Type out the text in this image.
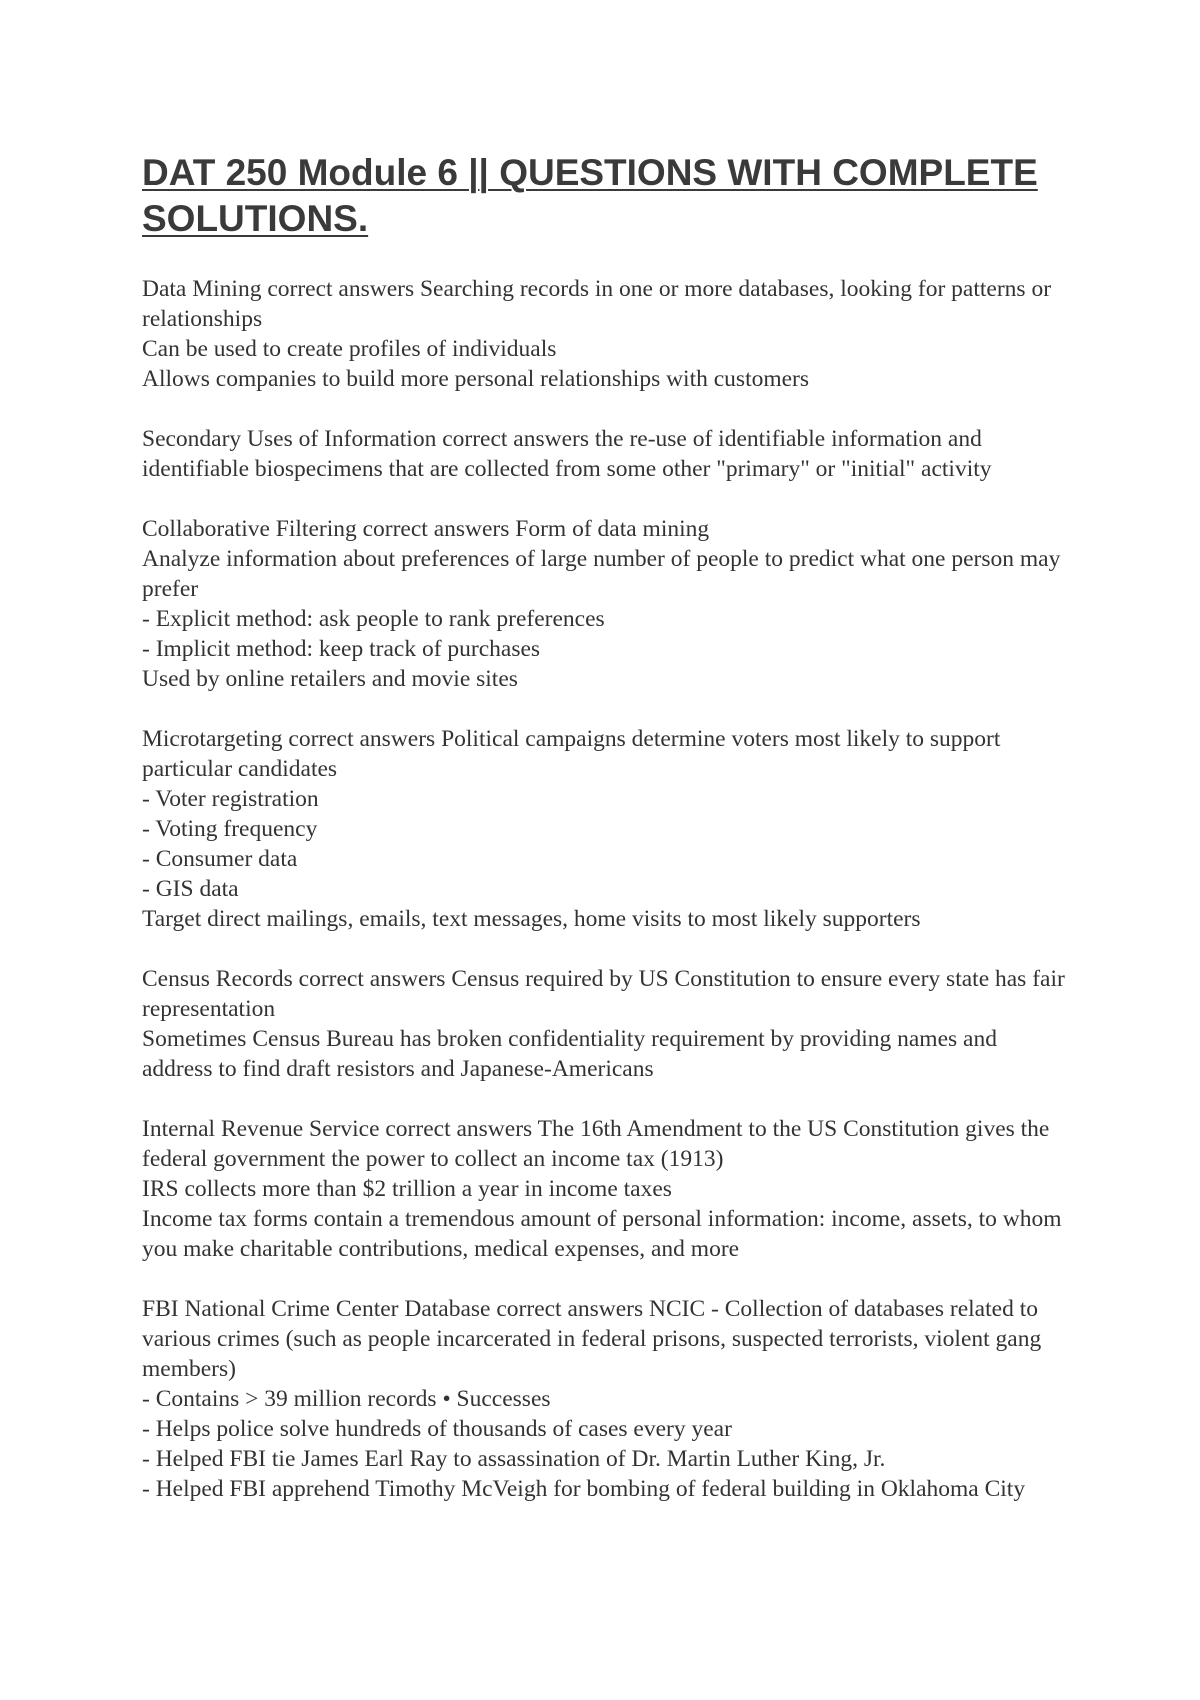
DAT 250 Module 6 || QUESTIONS WITH COMPLETE SOLUTIONS.

Data Mining correct answers Searching records in one or more databases, looking for patterns or relationships

Can be used to create profiles of individuals

Allows companies to build more personal relationships with customers

Secondary Uses of Information correct answers the re-use of identifiable information and identifiable biospecimens that are collected from some other "primary" or "initial" activity

Collaborative Filtering correct answers Form of data mining

Analyze information about preferences of large number of people to predict what one person may prefer

- Explicit method: ask people to rank preferences

- Implicit method: keep track of purchases

Used by online retailers and movie sites

Microtargeting correct answers Political campaigns determine voters most likely to support particular candidates

- Voter registration

- Voting frequency

- Consumer data

- GIS data

Target direct mailings, emails, text messages, home visits to most likely supporters

Census Records correct answers Census required by US Constitution to ensure every state has fair representation

Sometimes Census Bureau has broken confidentiality requirement by providing names and address to find draft resistors and Japanese-Americans

Internal Revenue Service correct answers The 16th Amendment to the US Constitution gives the federal government the power to collect an income tax (1913)

IRS collects more than $2 trillion a year in income taxes

Income tax forms contain a tremendous amount of personal information: income, assets, to whom you make charitable contributions, medical expenses, and more

FBI National Crime Center Database correct answers NCIC - Collection of databases related to various crimes (such as people incarcerated in federal prisons, suspected terrorists, violent gang members)

- Contains > 39 million records • Successes

- Helps police solve hundreds of thousands of cases every year

- Helped FBI tie James Earl Ray to assassination of Dr. Martin Luther King, Jr.

- Helped FBI apprehend Timothy McVeigh for bombing of federal building in Oklahoma City
